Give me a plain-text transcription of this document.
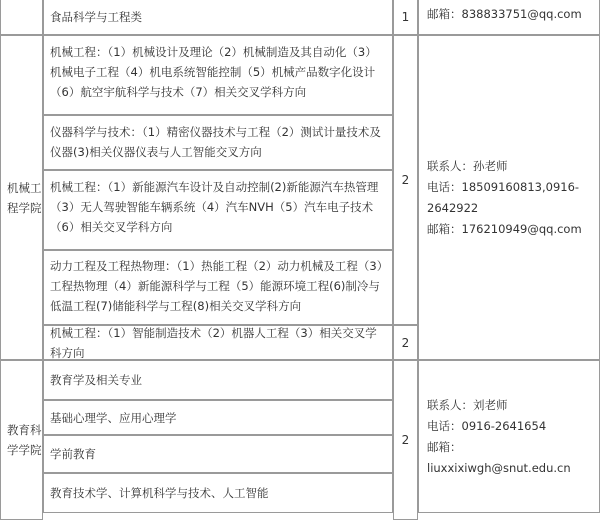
食品科学与工程类	1 邮箱：838833751@qq.com
机械工程学院
机械工程：（1）机械设计及理论（2）机械制造及其自动化（3）机械电子工程（4）机电系统智能控制（5）机械产品数字化设计（6）航空宇航科学与技术（7）相关交叉学科方向
仪器科学与技术：（1）精密仪器技术与工程（2）测试计量技术及仪器(3)相关仪器仪表与人工智能交叉方向
机械工程：（1）新能源汽车设计及自动控制(2)新能源汽车热管理（3）无人驾驶智能车辆系统（4）汽车NVH（5）汽车电子技术（6）相关交叉学科方向
动力工程及工程热物理：（1）热能工程（2）动力机械及工程（3）工程热物理（4）新能源科学与工程（5）能源环境工程(6)制冷与低温工程(7)储能科学与工程(8)相关交叉学科方向
机械工程：（1）智能制造技术（2）机器人工程（3）相关交叉学科方向
2
2
联系人：孙老师
电话：18509160813,0916-2642922
邮箱：176210949@qq.com
教育科学学院
教育学及相关专业
基础心理学、应用心理学
学前教育
教育技术学、计算机科学与技术、人工智能
2
联系人：刘老师
电话：0916-2641654
邮箱：liuxxixiwgh@snut.edu.cn
